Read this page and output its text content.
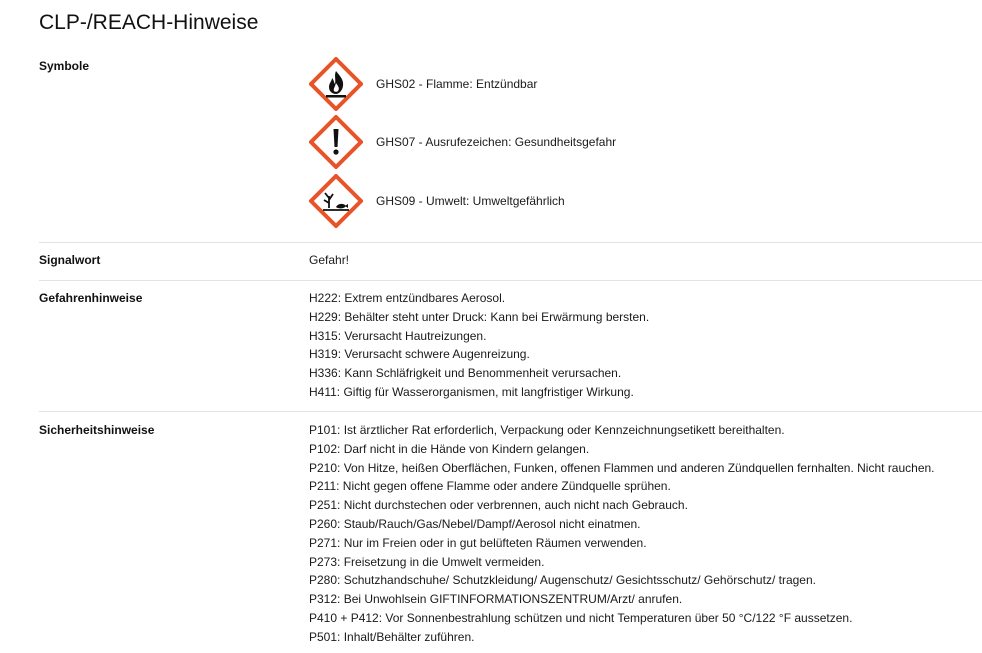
CLP-/REACH-Hinweise
Symbole
GHS02 - Flamme: Entzündbar
GHS07 - Ausrufezeichen: Gesundheitsgefahr
GHS09 - Umwelt: Umweltgefährlich
Signalwort	Gefahr!
Gefahrenhinweise	H222: Extrem entzündbares Aerosol.
H229: Behälter steht unter Druck: Kann bei Erwärmung bersten.
H315: Verursacht Hautreizungen.
H319: Verursacht schwere Augenreizung.
H336: Kann Schläfrigkeit und Benommenheit verursachen.
H411: Giftig für Wasserorganismen, mit langfristiger Wirkung.
Sicherheitshinweise	P101: Ist ärztlicher Rat erforderlich, Verpackung oder Kennzeichnungsetikett bereithalten.
P102: Darf nicht in die Hände von Kindern gelangen.
P210: Von Hitze, heißen Oberflächen, Funken, offenen Flammen und anderen Zündquellen fernhalten. Nicht rauchen.
P211: Nicht gegen offene Flamme oder andere Zündquelle sprühen.
P251: Nicht durchstechen oder verbrennen, auch nicht nach Gebrauch.
P260: Staub/Rauch/Gas/Nebel/Dampf/Aerosol nicht einatmen.
P271: Nur im Freien oder in gut belüfteten Räumen verwenden.
P273: Freisetzung in die Umwelt vermeiden.
P280: Schutzhandschuhe/ Schutzkleidung/ Augenschutz/ Gesichtsschutz/ Gehörschutz/ tragen.
P312: Bei Unwohlsein GIFTINFORMATIONSZENTRUM/Arzt/ anrufen.
P410 + P412: Vor Sonnenbestrahlung schützen und nicht Temperaturen über 50 °C/122 °F aussetzen.
P501: Inhalt/Behälter zuführen.
